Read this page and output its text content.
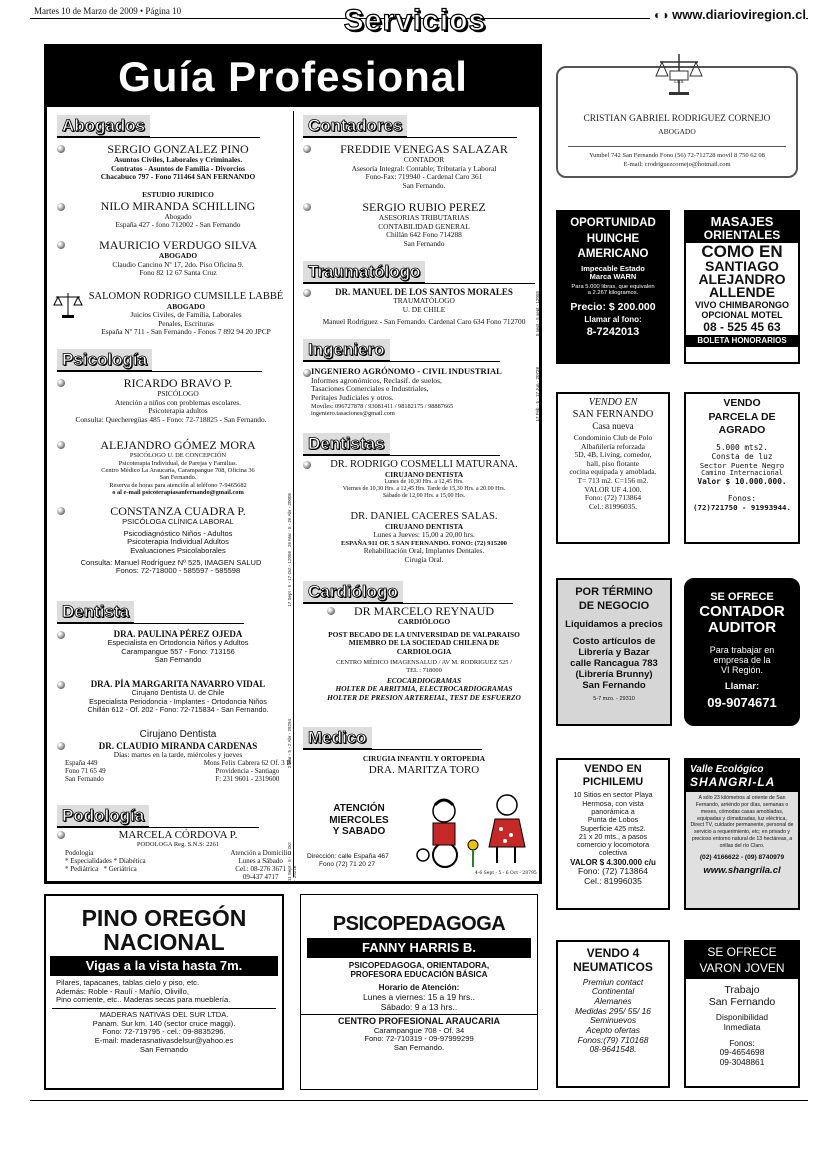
Martes 10 de Marzo de 2009 • Página 10	Servicios	◐◑ www.diarioviregion.cl
Guía Profesional
Abogados
SERGIO GONZALEZ PINO
Asuntos Civiles, Laborales y Criminales.
Contratos - Asuntos de Familia - Divorcios
Chacabuco 797 - Fono 711464 SAN FERNANDO
ESTUDIO JURIDICO
NILO MIRANDA SCHILLING
Abogado
España 427 - fono 712002 - San Fernando
MAURICIO VERDUGO SILVA
ABOGADO
Claudio Cancino Nº 17, 2do. Piso Oficina 9.
Fono 82 12 67 Santa Cruz
SALOMON RODRIGO CUMSILLE LABBÉ
ABOGADO
Juicios Civiles, de Familia, Laborales
Penales, Escrituras
España Nº 711 - San Fernando - Fonos 7 892 94 20 JPCP
Psicología
RICARDO BRAVO P.
PSICÓLOGO
Atención a niños con problemas escolares.
Psicoterapia adultos
Consulta: Quecheregüas 485 - Fono: 72-718825 - San Fernando.
ALEJANDRO GÓMEZ MORA
PSICÓLOGO U. DE CONCEPCIÓN
Psicoterapia Individual, de Parejas y Familias.
Centro Médico La Araucaria, Carampangue 708, Oficina 36
San Fernando.
Reserva de horas para atención al teléfono 7-9465682
o al e-mail psicoterapiasanfernando@gmail.com
CONSTANZA CUADRA P.
PSICÓLOGA CLÍNICA LABORAL
Psicodiagnóstico Niños - Adultos
Psicoterapia Individual Adultos
Evaluaciones Psicolaborales
Consulta: Manuel Rodríguez Nº 525, IMAGEN SALUD
Fonos: 72-718000 - 585597 - 585598
Dentista
DRA. PAULINA PÉREZ OJEDA
Especialista en Ortodoncia Niños y Adultos
Carampangue 557 - Fono: 713156
San Fernando
DRA. PÍA MARGARITA NAVARRO VIDAL
Cirujano Dentista U. de Chile
Especialista Periodoncia - Implantes - Ortodoncia Niños
Chillán 612 - Of. 202 - Fono: 72-715834 - San Fernando.
Cirujano Dentista
DR. CLAUDIO MIRANDA CARDENAS
Días: martes en la tarde, miércoles y jueves
España 449
Fono 71 65 49
San Fernando
Mons Felix Cabrera 62 Of. 3 B
Providencia - Santiago
F: 231 9601 - 2319600
Podología
MARCELA CÓRDOVA P.
PODOLOGA Reg. S.N.S: 2261
Podología
* Especialidades * Diabética
* Pediátrica * Geriátrica
Atención a Domicilio
Lunes a Sábado
Cel.: 08-276 3671
09-437 4717
26 Mar - 5 - 26 Abr - 20005
17 Sept - 5 - 17 Oct - 12056
2 Mar - 5 - 2 Abr - 29294
11 Sept - 5 - 11 Oct - 29216
Contadores
FREDDIE VENEGAS SALAZAR
CONTADOR
Asesoría Integral: Contable; Tributaria y Laboral
Fono-Fax: 719940 - Cardenal Caro 361
San Fernando.
SERGIO RUBIO PEREZ
ASESORIAS TRIBUTARIAS
CONTABILIDAD GENERAL
Chillán 642 Fono 714288
San Fernando
Traumatólogo
DR. MANUEL DE LOS SANTOS MORALES
TRAUMATÓLOGO
U. DE CHILE
Manuel Rodríguez - San Fernando. Cardenal Caro 634 Fono 712700
Ingeniero
INGENIERO AGRÓNOMO - CIVIL INDUSTRIAL
Informes agronómicos, Reclasif. de suelos,
Tasaciones Comerciales e Industriales,
Peritajes Judiciales y otros.
Movíles: 096727878 / 93081411 / 98182175 / 98887665
ingeniero.tasaciones@gmail.com
Dentistas
DR. RODRIGO COSMELLI MATURANA.
CIRUJANO DENTISTA
Lunes de 10,30 Hrs. a 12,45 Hrs.
Viernes de 10,30 Hrs. a 12,45 Hrs. Tarde de 15,30 Hrs. a 20.00 Hrs.
Sábado de 12,00 Hrs. a 15,00 Hrs.
DR. DANIEL CACERES SALAS.
CIRUJANO DENTISTA
Lunes a Jueves: 15,00 a 20,00 hrs.
ESPAÑA 911 OF. 5 SAN FERNANDO. FONO: (72) 915200
Rehabilitación Oral, Implantes Dentales.
Cirugía Oral.
Cardiólogo
DR MARCELO REYNAUD
CARDIÓLOGO
POST BECADO DE LA UNIVERSIDAD DE VALPARAISO
MIEMBRO DE LA SOCIEDAD CHILENA DE
CARDIOLOGIA
CENTRO MÉDICO IMAGENSALUD / AV M. RODRIGUEZ 525 /
TEL : 718000
ECOCARDIOGRAMAS
HOLTER DE ARRITMIA, ELECTROCARDIOGRAMAS
HOLTER DE PRESION ARTEREIAL, TEST DE ESFUERZO
Medico
CIRUGIA INFANTIL Y ORTOPEDIA
DRA. MARITZA TORO
ATENCIÓN
MIERCOLES
Y SABADO
Dirección: calle España 467
Fono (72) 71 20 27
4-6 Sept - 5 - 6 Oct - 28795
5 sept - 5 sept - 12055
17 Feb - 5 - 17 Jun - 20728
LEX
CRISTIAN GABRIEL RODRIGUEZ CORNEJO
ABOGADO
Yumbel 742 San Fernando Fono (56) 72-712728 movil 8 750 62 08
E-mail: crodriguezcornejo@hotmail.com
OPORTUNIDAD
HUINCHE
AMERICANO
Impecable Estado
Marca WARN
Para 5.000 libras, que equivalen
a 2.267 kilogramos.
Precio: $ 200.000
Llamar al fono:
8-7242013
MASAJES
ORIENTALES
COMO EN
SANTIAGO
ALEJANDRO
ALLENDE
VIVO CHIMBARONGO
OPCIONAL MOTEL
08 - 525 45 63
BOLETA HONORARIOS
VENDO EN
SAN FERNANDO
Casa nueva
Condominio Club de Polo
Albañilería reforzada
5D, 4B, Living, comedor,
hall, piso flotante
cocina equipada y amoblada.
T= 713 m2. C=156 m2.
VALOR UF 4.100.
Fono: (72) 713864
Cel.: 81996035.
VENDO
PARCELA DE
AGRADO
5.000 mts2.
Consta de luz
Sector Puente Negro
Camino Internacional
Valor $ 10.000.000.
Fonos:
(72)721750 - 91993944.
POR TÉRMINO
DE NEGOCIO
Liquidamos a precios
Costo artículos de
Librería y Bazar
calle Rancagua 783
(Librería Brunny)
San Fernando
5-7 mzo. - 29310
SE OFRECE
CONTADOR
AUDITOR
Para trabajar en
empresa de la
VI Región.
Llamar:
09-9074671
VENDO EN
PICHILEMU
10 Sitios en sector Playa
Hermosa, con vista
panorámica a
Punta de Lobos
Superficie 425 mts2.
21 x 20 mts., a pasos
comercio y locomotora
colectiva
VALOR $ 4.300.000 c/u
Fono: (72) 713864
Cel.: 81996035
Valle Ecológico
SHANGRI-LA
A sólo 23 kilómetros al oriente de San Fernando, arriéndo por días, semanas o meses, cómodas casas amobladas, equipadas y climatizadas, luz eléctrica, Direct TV, cuidador permanente, personal de servicio a requerimiento, etc; en privado y precioso entorno natural de 13 hectáreas, a orillas del río Claro.
(02) 4166622 - (09) 8740979
www.shangrila.cl
PINO OREGÓN
NACIONAL
Vigas a la vista hasta 7m.
Pilares, tapacanes, tablas cielo y piso, etc.
Además: Roble - Raulí - Mañío, Olivillo,
Pino corriente, etc.. Maderas secas para mueblería.
MADERAS NATIVAS DEL SUR LTDA.
Panam. Sur km. 140 (sector cruce maggi).
Fono: 72-719795 - cel.: 09-8835296.
E-mail: maderasnativasdelsur@yahoo.es
San Fernando
PSICOPEDAGOGA
FANNY HARRIS B.
PSICOPEDAGOGA, ORIENTADORA,
PROFESORA EDUCACIÓN BÁSICA
Horario de Atención:
Lunes a viernes: 15 a 19 hrs..
Sábado: 9 a 13 hrs..
CENTRO PROFESIONAL ARAUCARIA
Carampangue 708 - Of. 34
Fono: 72-710319 - 09-97999299
San Fernando.
VENDO 4
NEUMATICOS
Premiun contact
Continental
Alemanes
Medidas 295/ 55/ 16
Seminuevos
Acepto ofertas
Fonos:(79) 710168
08-9641548.
SE OFRECE
VARON JOVEN
Trabajo
San Fernando
Disponibilidad
Inmediata
Fonos:
09-4654698
09-3048861
